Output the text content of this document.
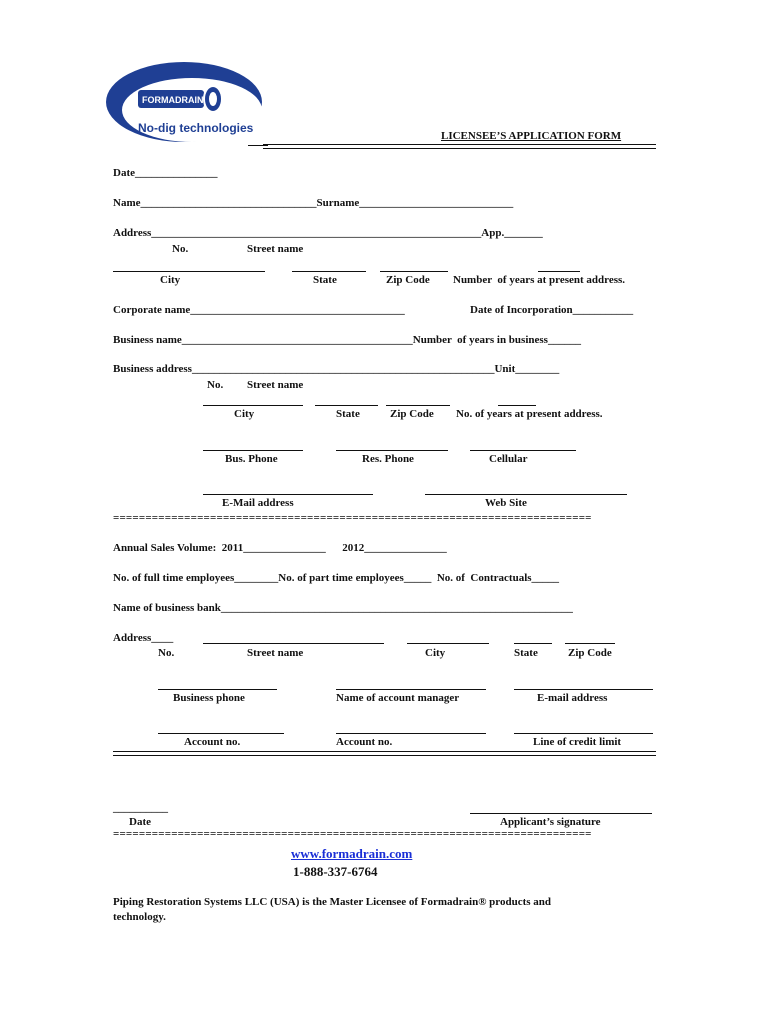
FORMADRAIN
No-dig technologies
LICENSEE’S APPLICATION FORM
Date_______________
Name________________________________Surname____________________________
Address____________________________________________________________App._______
No.	Street name
City	State	Zip Code Number  of years at present address.
Corporate name_______________________________________	Date of Incorporation___________
Business name__________________________________________Number  of years in business______
Business address_______________________________________________________Unit________
No. Street name
City	State	Zip Code No. of years at present address.
Bus. Phone	Res. Phone	Cellular
E-Mail address	Web Site
==========================================================================
Annual Sales Volume:  2011_______________      2012_______________
No. of full time employees________No. of part time employees_____  No. of  Contractuals_____
Name of business bank________________________________________________________________
Address____
No.	Street name	City	State	Zip Code
Business phone	Name of account manager	E-mail address
Account no.	Account no.	Line of credit limit
__________
Date	Applicant’s signature
==========================================================================
www.formadrain.com
1-888-337-6764
Piping Restoration Systems LLC (USA) is the Master Licensee of Formadrain® products and
technology.
